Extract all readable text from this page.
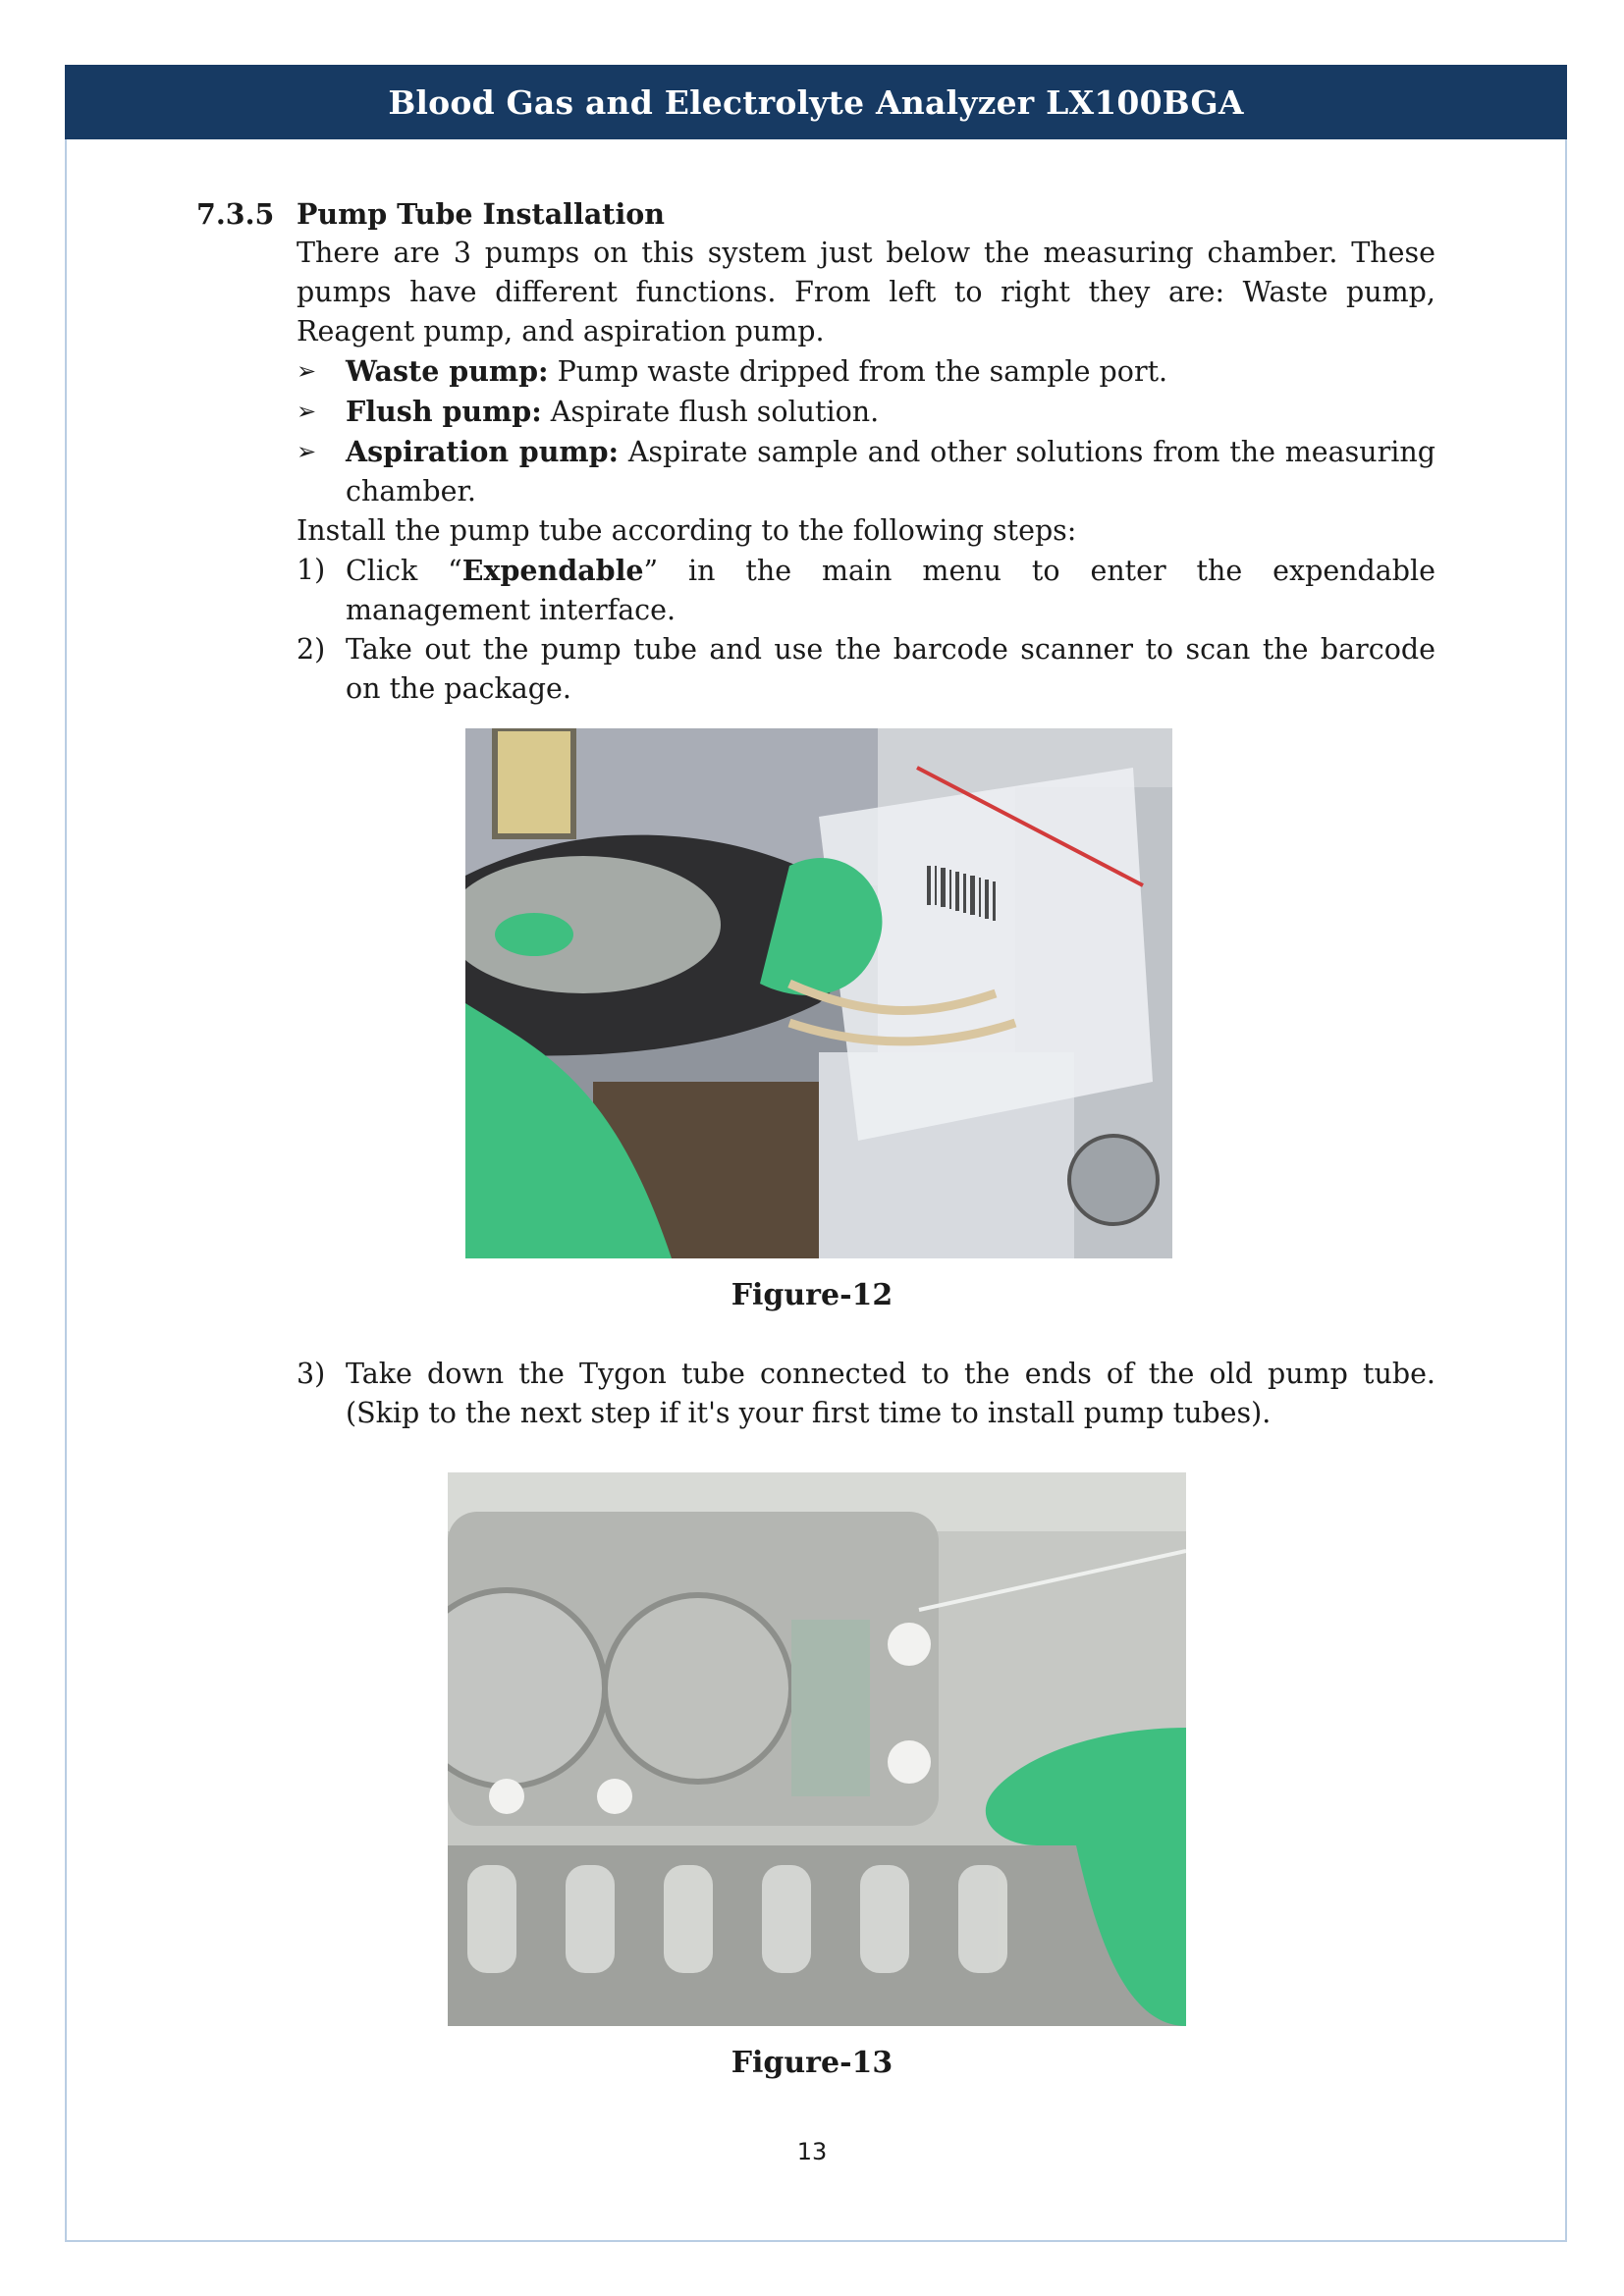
Blood Gas and Electrolyte Analyzer LX100BGA
7.3.5 Pump Tube Installation

There are 3 pumps on this system just below the measuring chamber. These pumps have different functions. From left to right they are: Waste pump, Reagent pump, and aspiration pump.

➢	Waste pump: Pump waste dripped from the sample port.
➢	Flush pump: Aspirate flush solution.
➢	Aspiration pump: Aspirate sample and other solutions from the measuring chamber.

Install the pump tube according to the following steps:

1) Click “Expendable” in the main menu to enter the expendable management interface.
2) Take out the pump tube and use the barcode scanner to scan the barcode on the package.
Figure-12
3) Take down the Tygon tube connected to the ends of the old pump tube. (Skip to the next step if it's your first time to install pump tubes).
Figure-13
13
